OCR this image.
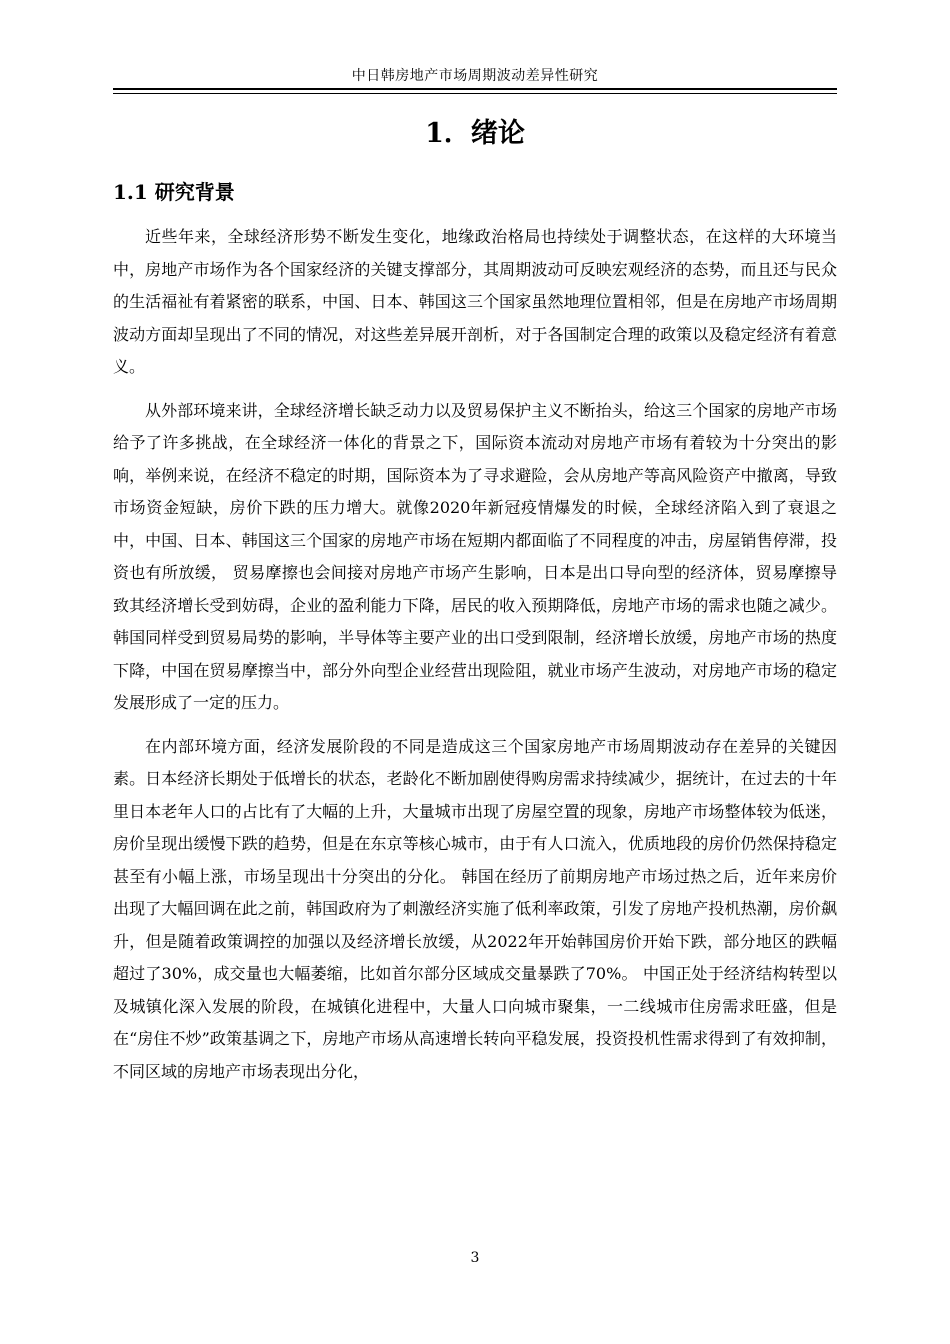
中日韩房地产市场周期波动差异性研究
1．绪论
1.1 研究背景

近些年来，全球经济形势不断发生变化，地缘政治格局也持续处于调整状态，在这样的大环境当中，房地产市场作为各个国家经济的关键支撑部分，其周期波动可反映宏观经济的态势，而且还与民众的生活福祉有着紧密的联系，中国、日本、韩国这三个国家虽然地理位置相邻，但是在房地产市场周期波动方面却呈现出了不同的情况，对这些差异展开剖析，对于各国制定合理的政策以及稳定经济有着意义。

从外部环境来讲，全球经济增长缺乏动力以及贸易保护主义不断抬头，给这三个国家的房地产市场给予了许多挑战，在全球经济一体化的背景之下，国际资本流动对房地产市场有着较为十分突出的影响，举例来说，在经济不稳定的时期，国际资本为了寻求避险，会从房地产等高风险资产中撤离，导致市场资金短缺，房价下跌的压力增大。就像2020年新冠疫情爆发的时候，全球经济陷入到了衰退之中，中国、日本、韩国这三个国家的房地产市场在短期内都面临了不同程度的冲击，房屋销售停滞，投资也有所放缓， 贸易摩擦也会间接对房地产市场产生影响，日本是出口导向型的经济体，贸易摩擦导致其经济增长受到妨碍，企业的盈利能力下降，居民的收入预期降低，房地产市场的需求也随之减少。韩国同样受到贸易局势的影响，半导体等主要产业的出口受到限制，经济增长放缓，房地产市场的热度下降，中国在贸易摩擦当中，部分外向型企业经营出现险阻，就业市场产生波动，对房地产市场的稳定发展形成了一定的压力。

在内部环境方面，经济发展阶段的不同是造成这三个国家房地产市场周期波动存在差异的关键因素。日本经济长期处于低增长的状态，老龄化不断加剧使得购房需求持续减少，据统计，在过去的十年里日本老年人口的占比有了大幅的上升，大量城市出现了房屋空置的现象，房地产市场整体较为低迷，房价呈现出缓慢下跌的趋势，但是在东京等核心城市，由于有人口流入，优质地段的房价仍然保持稳定甚至有小幅上涨，市场呈现出十分突出的分化。 韩国在经历了前期房地产市场过热之后，近年来房价出现了大幅回调在此之前，韩国政府为了刺激经济实施了低利率政策，引发了房地产投机热潮，房价飙升，但是随着政策调控的加强以及经济增长放缓，从2022年开始韩国房价开始下跌，部分地区的跌幅超过了30%，成交量也大幅萎缩，比如首尔部分区域成交量暴跌了70%。 中国正处于经济结构转型以及城镇化深入发展的阶段，在城镇化进程中，大量人口向城市聚集，一二线城市住房需求旺盛，但是在“房住不炒”政策基调之下，房地产市场从高速增长转向平稳发展，投资投机性需求得到了有效抑制，不同区域的房地产市场表现出分化，

3
